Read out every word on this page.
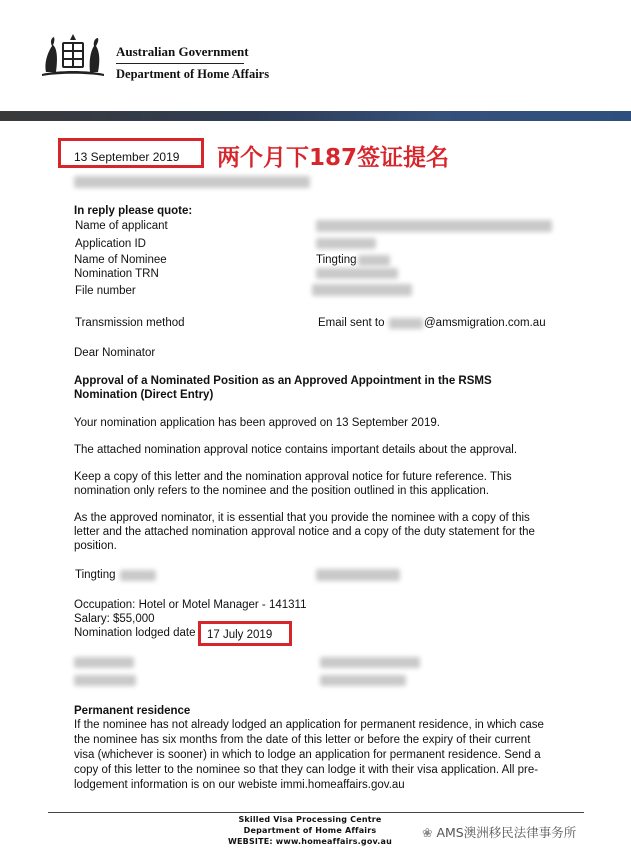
Australian Government
Department of Home Affairs
13 September 2019	两个月下187签证提名
In reply please quote:
Name of applicant
Application ID
Name of Nominee	Tingting
Nomination TRN
File number
Transmission method	Email sent to	@amsmigration.com.au
Dear Nominator
Approval of a Nominated Position as an Approved Appointment in the RSMS
Nomination (Direct Entry)
Your nomination application has been approved on 13 September 2019.
The attached nomination approval notice contains important details about the approval.
Keep a copy of this letter and the nomination approval notice for future reference. This
nomination only refers to the nominee and the position outlined in this application.
As the approved nominator, it is essential that you provide the nominee with a copy of this
letter and the attached nomination approval notice and a copy of the duty statement for the
position.
Tingting
Occupation: Hotel or Motel Manager - 141311
Salary: $55,000
Nomination lodged date	17 July 2019
Permanent residence
If the nominee has not already lodged an application for permanent residence, in which case
the nominee has six months from the date of this letter or before the expiry of their current
visa (whichever is sooner) in which to lodge an application for permanent residence. Send a
copy of this letter to the nominee so that they can lodge it with their visa application. All pre-
lodgement information is on our webiste immi.homeaffairs.gov.au
Skilled Visa Processing Centre
Department of Home Affairs
WEBSITE: www.homeaffairs.gov.au
❀ AMS澳洲移民法律事务所
